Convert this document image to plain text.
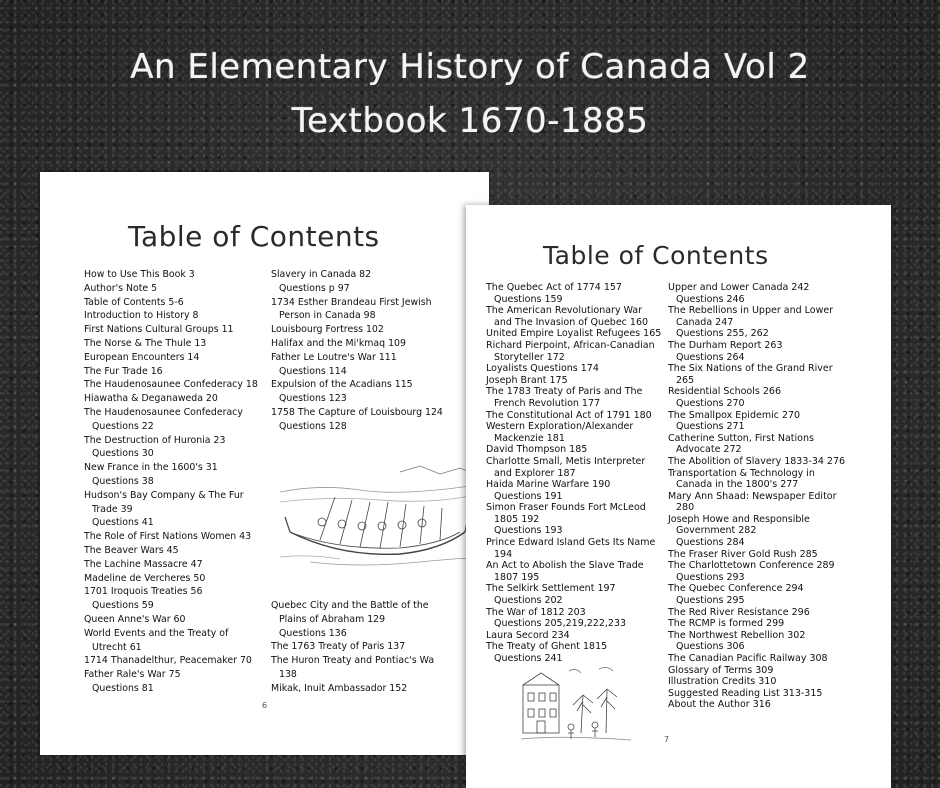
An Elementary History of Canada Vol 2
Textbook 1670-1885
Table of Contents
How to Use This Book 3
Author's Note 5
Table of Contents 5-6
Introduction to History 8
First Nations Cultural Groups 11
The Norse & The Thule 13
European Encounters 14
The Fur Trade 16
The Haudenosaunee Confederacy 18
Hiawatha & Deganaweda 20
The Haudenosaunee Confederacy
Questions 22
The Destruction of Huronia 23
Questions 30
New France in the 1600's 31
Questions 38
Hudson's Bay Company & The Fur
Trade 39
Questions 41
The Role of First Nations Women 43
The Beaver Wars 45
The Lachine Massacre 47
Madeline de Vercheres 50
1701 Iroquois Treaties 56
Questions 59
Queen Anne's War 60
World Events and the Treaty of
Utrecht 61
1714 Thanadelthur, Peacemaker 70
Father Rale's War 75
Questions 81
Slavery in Canada 82
Questions p 97
1734 Esther Brandeau First Jewish
Person in Canada 98
Louisbourg Fortress 102
Halifax and the Mi'kmaq 109
Father Le Loutre's War 111
Questions 114
Expulsion of the Acadians 115
Questions 123
1758 The Capture of Louisbourg 124
Questions 128
Quebec City and the Battle of the
Plains of Abraham 129
Questions 136
The 1763 Treaty of Paris 137
The Huron Treaty and Pontiac's Wa
138
Mikak, Inuit Ambassador 152
6
Table of Contents
The Quebec Act of 1774 157
Questions 159
The American Revolutionary War
and The Invasion of Quebec 160
United Empire Loyalist Refugees 165
Richard Pierpoint, African-Canadian
Storyteller 172
Loyalists Questions 174
Joseph Brant 175
The 1783 Treaty of Paris and The
French Revolution 177
The Constitutional Act of 1791 180
Western Exploration/Alexander
Mackenzie 181
David Thompson 185
Charlotte Small, Metis Interpreter
and Explorer 187
Haida Marine Warfare 190
Questions 191
Simon Fraser Founds Fort McLeod
1805 192
Questions 193
Prince Edward Island Gets Its Name
194
An Act to Abolish the Slave Trade
1807 195
The Selkirk Settlement 197
Questions 202
The War of 1812 203
Questions 205,219,222,233
Laura Secord 234
The Treaty of Ghent 1815
Questions 241
Upper and Lower Canada 242
Questions 246
The Rebellions in Upper and Lower
Canada 247
Questions 255, 262
The Durham Report 263
Questions 264
The Six Nations of the Grand River
265
Residential Schools 266
Questions 270
The Smallpox Epidemic 270
Questions 271
Catherine Sutton, First Nations
Advocate 272
The Abolition of Slavery 1833-34 276
Transportation & Technology in
Canada in the 1800's 277
Mary Ann Shaad: Newspaper Editor
280
Joseph Howe and Responsible
Government 282
Questions 284
The Fraser River Gold Rush 285
The Charlottetown Conference 289
Questions 293
The Quebec Conference 294
Questions 295
The Red River Resistance 296
The RCMP is formed 299
The Northwest Rebellion 302
Questions 306
The Canadian Pacific Railway 308
Glossary of Terms 309
Illustration Credits 310
Suggested Reading List 313-315
About the Author 316
7
